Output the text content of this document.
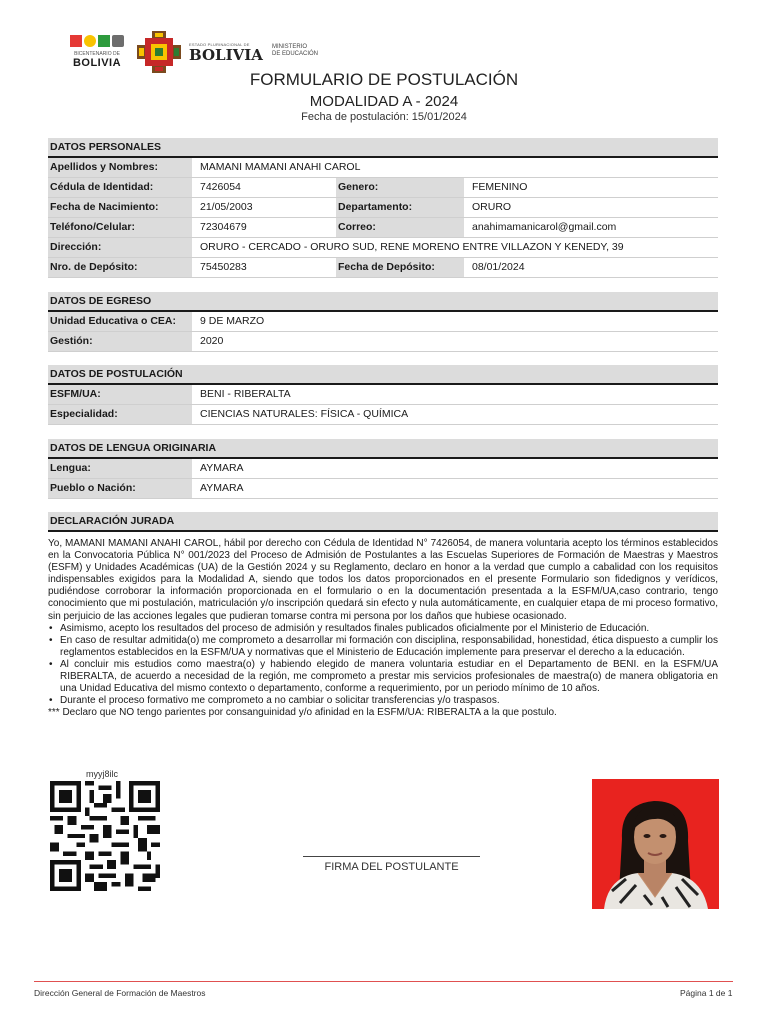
BICENTENARIO DE
BOLIVIA
ESTADO PLURINACIONAL DE
BOLIVIA MINISTERIO
DE EDUCACIÓN
FORMULARIO DE POSTULACIÓN
MODALIDAD A - 2024
Fecha de postulación: 15/01/2024
DATOS PERSONALES
Apellidos y Nombres:	MAMANI MAMANI ANAHI CAROL
Cédula de Identidad:	7426054	Genero:	FEMENINO
Fecha de Nacimiento:	21/05/2003	Departamento:	ORURO
Teléfono/Celular:	72304679	Correo:	anahimamanicarol@gmail.com
Dirección:	ORURO - CERCADO - ORURO SUD, RENE MORENO ENTRE VILLAZON Y KENEDY, 39
Nro. de Depósito:	75450283	Fecha de Depósito:	08/01/2024
DATOS DE EGRESO
Unidad Educativa o CEA:	9 DE MARZO
Gestión:	2020
DATOS DE POSTULACIÓN
ESFM/UA:	BENI - RIBERALTA
Especialidad:	CIENCIAS NATURALES: FÍSICA - QUÍMICA
DATOS DE LENGUA ORIGINARIA
Lengua:	AYMARA
Pueblo o Nación:	AYMARA
DECLARACIÓN JURADA

Yo, MAMANI MAMANI ANAHI CAROL, hábil por derecho con Cédula de Identidad N° 7426054, de manera voluntaria acepto los términos establecidos en la Convocatoria Pública N° 001/2023 del Proceso de Admisión de Postulantes a las Escuelas Superiores de Formación de Maestras y Maestros (ESFM) y Unidades Académicas (UA) de la Gestión 2024 y su Reglamento, declaro en honor a la verdad que cumplo a cabalidad con los requisitos indispensables exigidos para la Modalidad A, siendo que todos los datos proporcionados en el presente Formulario son fidedignos y verídicos, pudiéndose corroborar la información proporcionada en el formulario o en la documentación presentada a la ESFM/UA,caso contrario, tengo conocimiento que mi postulación, matriculación y/o inscripción quedará sin efecto y nula automáticamente, en cualquier etapa de mi proceso formativo, sin perjuicio de las acciones legales que pudieran tomarse contra mi persona por los daños que hubiese ocasionado.

• Asimismo, acepto los resultados del proceso de admisión y resultados finales publicados oficialmente por el Ministerio de Educación.
• En caso de resultar admitida(o) me comprometo a desarrollar mi formación con disciplina, responsabilidad, honestidad, ética dispuesto a cumplir los reglamentos establecidos en la ESFM/UA y normativas que el Ministerio de Educación implemente para preservar el derecho a la educación.
• Al concluir mis estudios como maestra(o) y habiendo elegido de manera voluntaria estudiar en el Departamento de BENI. en la ESFM/UA RIBERALTA, de acuerdo a necesidad de la región, me comprometo a prestar mis servicios profesionales de maestra(o) de manera obligatoria en una Unidad Educativa del mismo contexto o departamento, conforme a requerimiento, por un periodo mínimo de 10 años.
• Durante el proceso formativo me comprometo a no cambiar o solicitar transferencias y/o traspasos.

*** Declaro que NO tengo parientes por consanguinidad y/o afinidad en la ESFM/UA: RIBERALTA a la que postulo.

myyj8ilc
FIRMA DEL POSTULANTE
Dirección General de Formación de Maestros	Página 1 de 1
